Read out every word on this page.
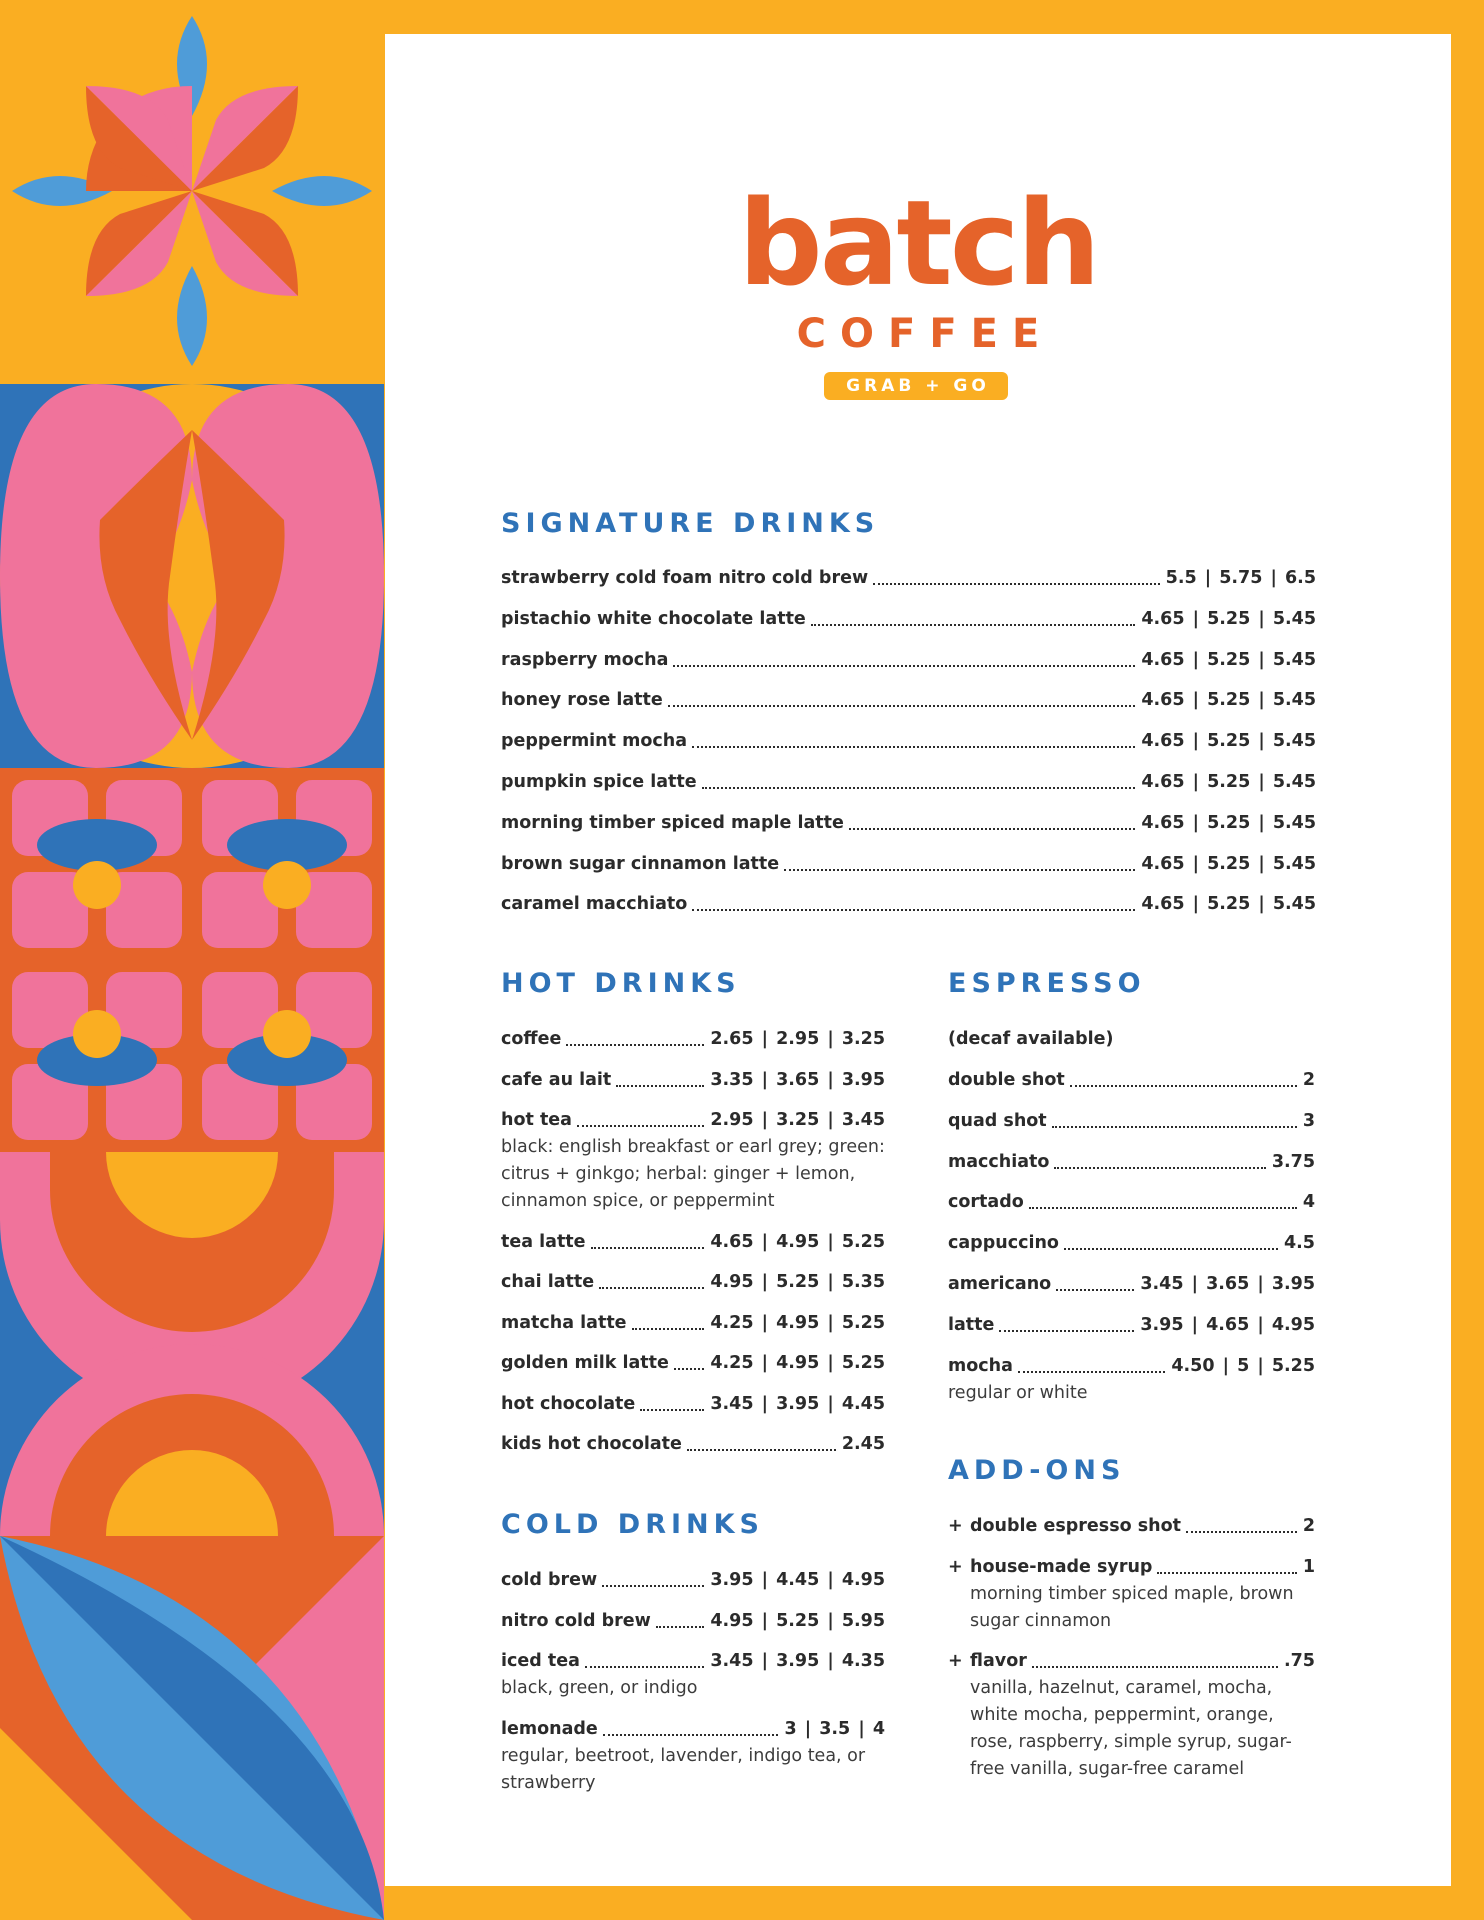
batch
COFFEE
GRAB + GO
SIGNATURE DRINKS
strawberry cold foam nitro cold brew	5.5 | 5.75 | 6.5
pistachio white chocolate latte	4.65 | 5.25 | 5.45
raspberry mocha	4.65 | 5.25 | 5.45
honey rose latte	4.65 | 5.25 | 5.45
peppermint mocha	4.65 | 5.25 | 5.45
pumpkin spice latte	4.65 | 5.25 | 5.45
morning timber spiced maple latte	4.65 | 5.25 | 5.45
brown sugar cinnamon latte	4.65 | 5.25 | 5.45
caramel macchiato	4.65 | 5.25 | 5.45
HOT DRINKS
coffee	2.65 | 2.95 | 3.25
cafe au lait	3.35 | 3.65 | 3.95
hot tea	2.95 | 3.25 | 3.45
black: english breakfast or earl grey; green: citrus + ginkgo; herbal: ginger + lemon, cinnamon spice, or peppermint
tea latte	4.65 | 4.95 | 5.25
chai latte	4.95 | 5.25 | 5.35
matcha latte	4.25 | 4.95 | 5.25
golden milk latte 4.25 | 4.95 | 5.25
hot chocolate	3.45 | 3.95 | 4.45
kids hot chocolate	2.45
COLD DRINKS
cold brew	3.95 | 4.45 | 4.95
nitro cold brew	4.95 | 5.25 | 5.95
iced tea	3.45 | 3.95 | 4.35
black, green, or indigo
lemonade	3 | 3.5 | 4
regular, beetroot, lavender, indigo tea, or strawberry
ESPRESSO
(decaf available)
double shot	2
quad shot	3
macchiato	3.75
cortado	4
cappuccino	4.5
americano	3.45 | 3.65 | 3.95
latte	3.95 | 4.65 | 4.95
mocha	4.50 | 5 | 5.25
regular or white
ADD-ONS
+ double espresso shot	2
+ house-made syrup	1
morning timber spiced maple, brown sugar cinnamon
+ flavor	.75
vanilla, hazelnut, caramel, mocha, white mocha, peppermint, orange, rose, raspberry, simple syrup, sugar-free vanilla, sugar-free caramel
